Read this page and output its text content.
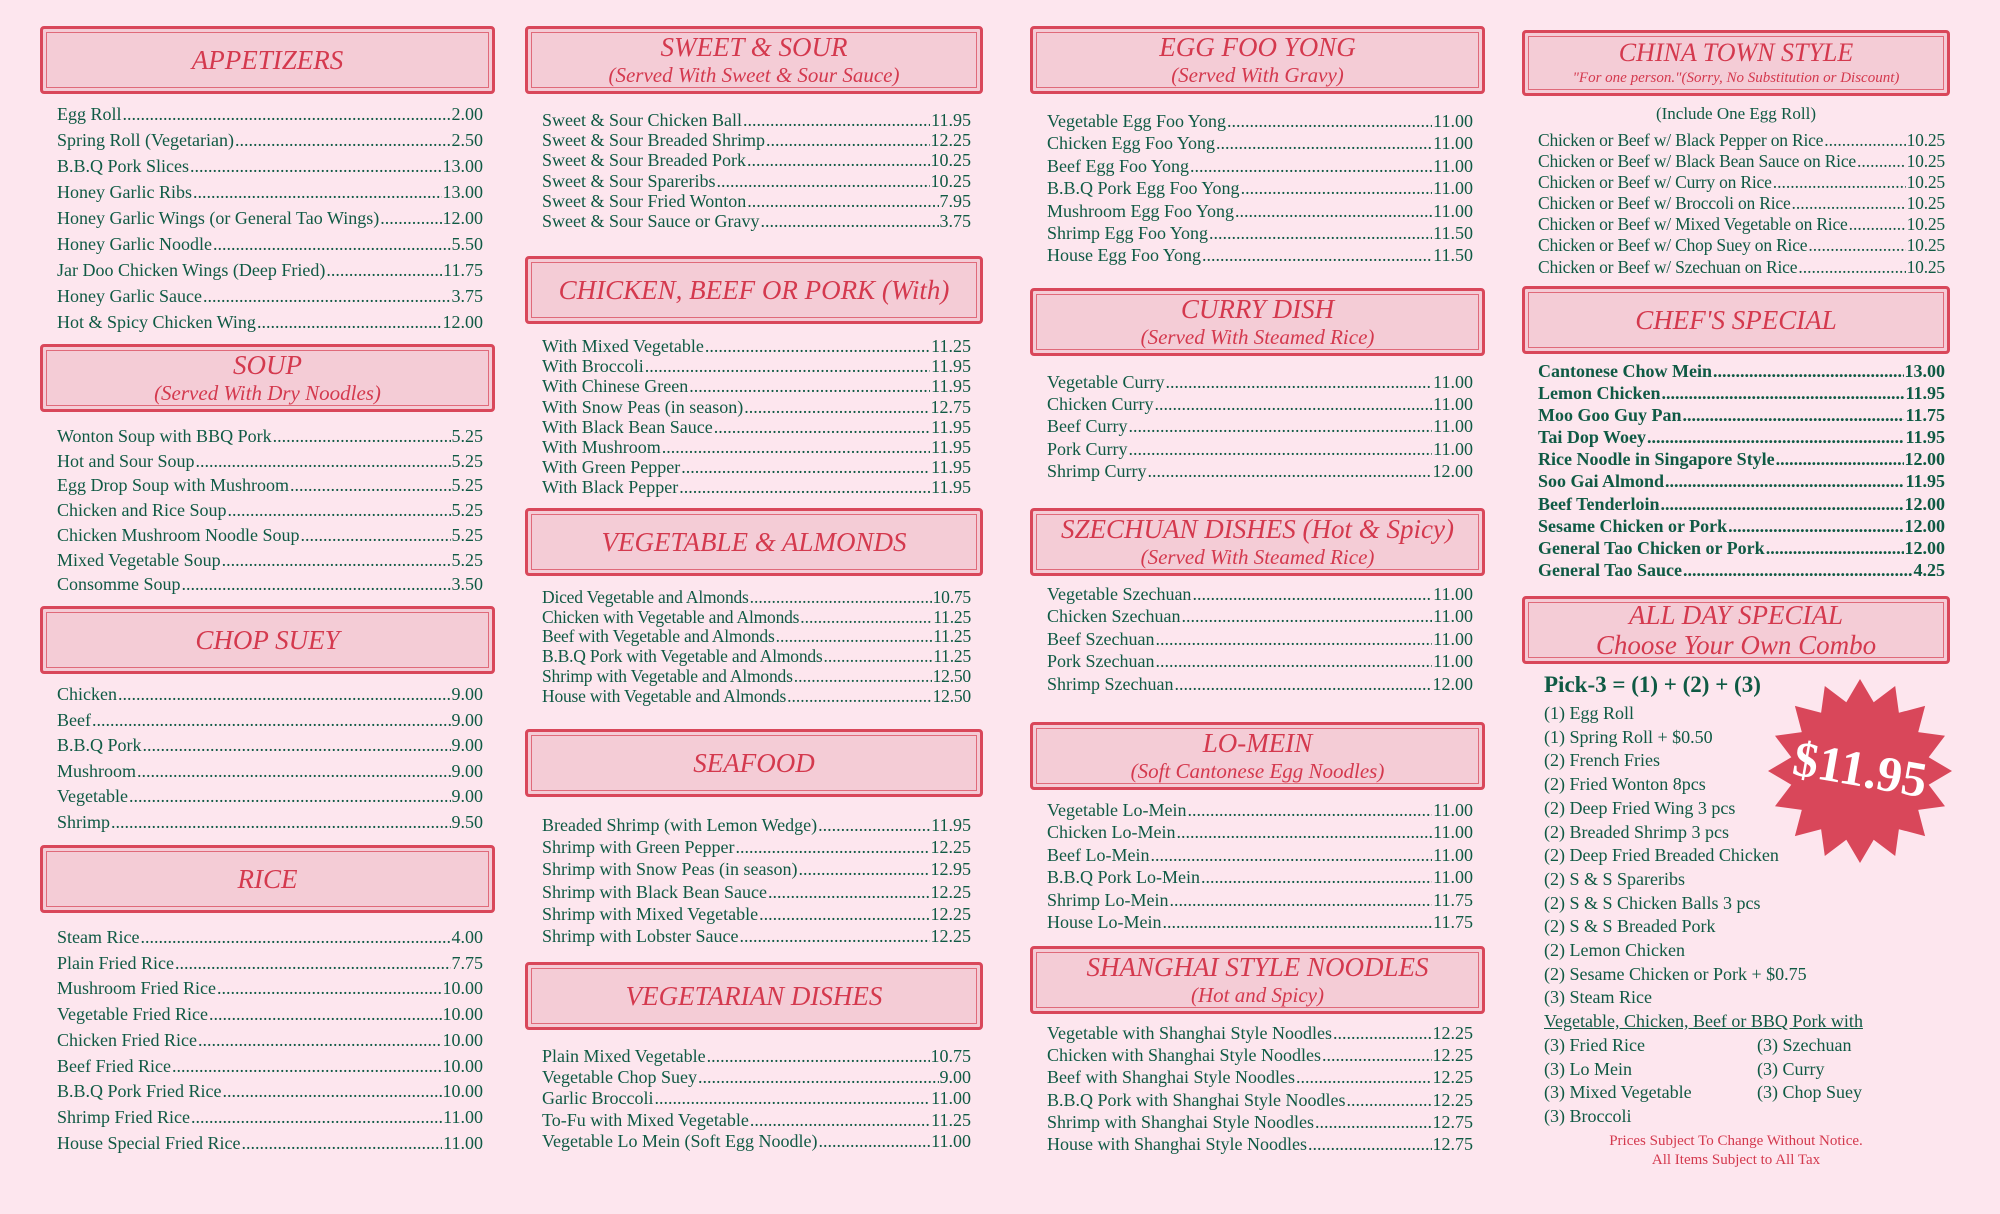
APPETIZERS
Egg Roll .....	2.00
Spring Roll (Vegetarian) .....	2.50
B.B.Q Pork Slices .....	13.00
Honey Garlic Ribs .....	13.00
Honey Garlic Wings (or General Tao Wings) .....	12.00
Honey Garlic Noodle .....	5.50
Jar Doo Chicken Wings (Deep Fried) .....	11.75
Honey Garlic Sauce .....	3.75
Hot & Spicy Chicken Wing .....	12.00
SOUP
(Served With Dry Noodles)
Wonton Soup with BBQ Pork .....	5.25
Hot and Sour Soup .....	5.25
Egg Drop Soup with Mushroom .....	5.25
Chicken and Rice Soup .....	5.25
Chicken Mushroom Noodle Soup .....	5.25
Mixed Vegetable Soup .....	5.25
Consomme Soup .....	3.50
CHOP SUEY
Chicken .....	9.00
Beef .....	9.00
B.B.Q Pork .....	9.00
Mushroom .....	9.00
Vegetable .....	9.00
Shrimp .....	9.50
RICE
Steam Rice .....	4.00
Plain Fried Rice .....	7.75
Mushroom Fried Rice .....	10.00
Vegetable Fried Rice .....	10.00
Chicken Fried Rice .....	10.00
Beef Fried Rice .....	10.00
B.B.Q Pork Fried Rice .....	10.00
Shrimp Fried Rice .....	11.00
House Special Fried Rice .....	11.00
SWEET & SOUR
(Served With Sweet & Sour Sauce)
Sweet & Sour Chicken Ball .....	11.95
Sweet & Sour Breaded Shrimp .....	12.25
Sweet & Sour Breaded Pork .....	10.25
Sweet & Sour Spareribs .....	10.25
Sweet & Sour Fried Wonton .....	7.95
Sweet & Sour Sauce or Gravy .....	3.75
CHICKEN, BEEF OR PORK (With)
With Mixed Vegetable .....	11.25
With Broccoli .....	11.95
With Chinese Green .....	11.95
With Snow Peas (in season) .....	12.75
With Black Bean Sauce .....	11.95
With Mushroom .....	11.95
With Green Pepper .....	11.95
With Black Pepper .....	11.95
VEGETABLE & ALMONDS
Diced Vegetable and Almonds .....	10.75
Chicken with Vegetable and Almonds .....	11.25
Beef with Vegetable and Almonds .....	11.25
B.B.Q Pork with Vegetable and Almonds .....	11.25
Shrimp with Vegetable and Almonds .....	12.50
House with Vegetable and Almonds .....	12.50
SEAFOOD
Breaded Shrimp (with Lemon Wedge) .....	11.95
Shrimp with Green Pepper .....	12.25
Shrimp with Snow Peas (in season) .....	12.95
Shrimp with Black Bean Sauce .....	12.25
Shrimp with Mixed Vegetable .....	12.25
Shrimp with Lobster Sauce .....	12.25
VEGETARIAN DISHES
Plain Mixed Vegetable .....	10.75
Vegetable Chop Suey .....	9.00
Garlic Broccoli .....	11.00
To-Fu with Mixed Vegetable .....	11.25
Vegetable Lo Mein (Soft Egg Noodle) .....	11.00
EGG FOO YONG
(Served With Gravy)
Vegetable Egg Foo Yong .....	11.00
Chicken Egg Foo Yong .....	11.00
Beef Egg Foo Yong .....	11.00
B.B.Q Pork Egg Foo Yong .....	11.00
Mushroom Egg Foo Yong .....	11.00
Shrimp Egg Foo Yong .....	11.50
House Egg Foo Yong .....	11.50
CURRY DISH
(Served With Steamed Rice)
Vegetable Curry .....	11.00
Chicken Curry .....	11.00
Beef Curry .....	11.00
Pork Curry .....	11.00
Shrimp Curry .....	12.00
SZECHUAN DISHES (Hot & Spicy)
(Served With Steamed Rice)
Vegetable Szechuan .....	11.00
Chicken Szechuan .....	11.00
Beef Szechuan .....	11.00
Pork Szechuan .....	11.00
Shrimp Szechuan .....	12.00
LO-MEIN
(Soft Cantonese Egg Noodles)
Vegetable Lo-Mein .....	11.00
Chicken Lo-Mein .....	11.00
Beef Lo-Mein .....	11.00
B.B.Q Pork Lo-Mein .....	11.00
Shrimp Lo-Mein .....	11.75
House Lo-Mein .....	11.75
SHANGHAI STYLE NOODLES
(Hot and Spicy)
Vegetable with Shanghai Style Noodles .....	12.25
Chicken with Shanghai Style Noodles .....	12.25
Beef with Shanghai Style Noodles .....	12.25
B.B.Q Pork with Shanghai Style Noodles .....	12.25
Shrimp with Shanghai Style Noodles .....	12.75
House with Shanghai Style Noodles .....	12.75
CHINA TOWN STYLE
"For one person."(Sorry, No Substitution or Discount)
(Include One Egg Roll)
Chicken or Beef w/ Black Pepper on Rice .....	10.25
Chicken or Beef w/ Black Bean Sauce on Rice .....	10.25
Chicken or Beef w/ Curry on Rice .....	10.25
Chicken or Beef w/ Broccoli on Rice .....	10.25
Chicken or Beef w/ Mixed Vegetable on Rice .....	10.25
Chicken or Beef w/ Chop Suey on Rice .....	10.25
Chicken or Beef w/ Szechuan on Rice .....	10.25
CHEF'S SPECIAL
Cantonese Chow Mein .....	13.00
Lemon Chicken .....	11.95
Moo Goo Guy Pan .....	11.75
Tai Dop Woey .....	11.95
Rice Noodle in Singapore Style .....	12.00
Soo Gai Almond .....	11.95
Beef Tenderloin .....	12.00
Sesame Chicken or Pork .....	12.00
General Tao Chicken or Pork .....	12.00
General Tao Sauce .....	4.25
ALL DAY SPECIAL
Choose Your Own Combo
Pick-3 = (1) + (2) + (3)
$11.95
(1) Egg Roll
(1) Spring Roll + $0.50
(2) French Fries
(2) Fried Wonton 8pcs
(2) Deep Fried Wing 3 pcs
(2) Breaded Shrimp 3 pcs
(2) Deep Fried Breaded Chicken
(2) S & S Spareribs
(2) S & S Chicken Balls 3 pcs
(2) S & S Breaded Pork
(2) Lemon Chicken
(2) Sesame Chicken or Pork + $0.75
(3) Steam Rice
Vegetable, Chicken, Beef or BBQ Pork with
(3) Fried Rice
(3) Lo Mein
(3) Mixed Vegetable
(3) Broccoli
(3) Szechuan
(3) Curry
(3) Chop Suey
Prices Subject To Change Without Notice.
All Items Subject to All Tax
